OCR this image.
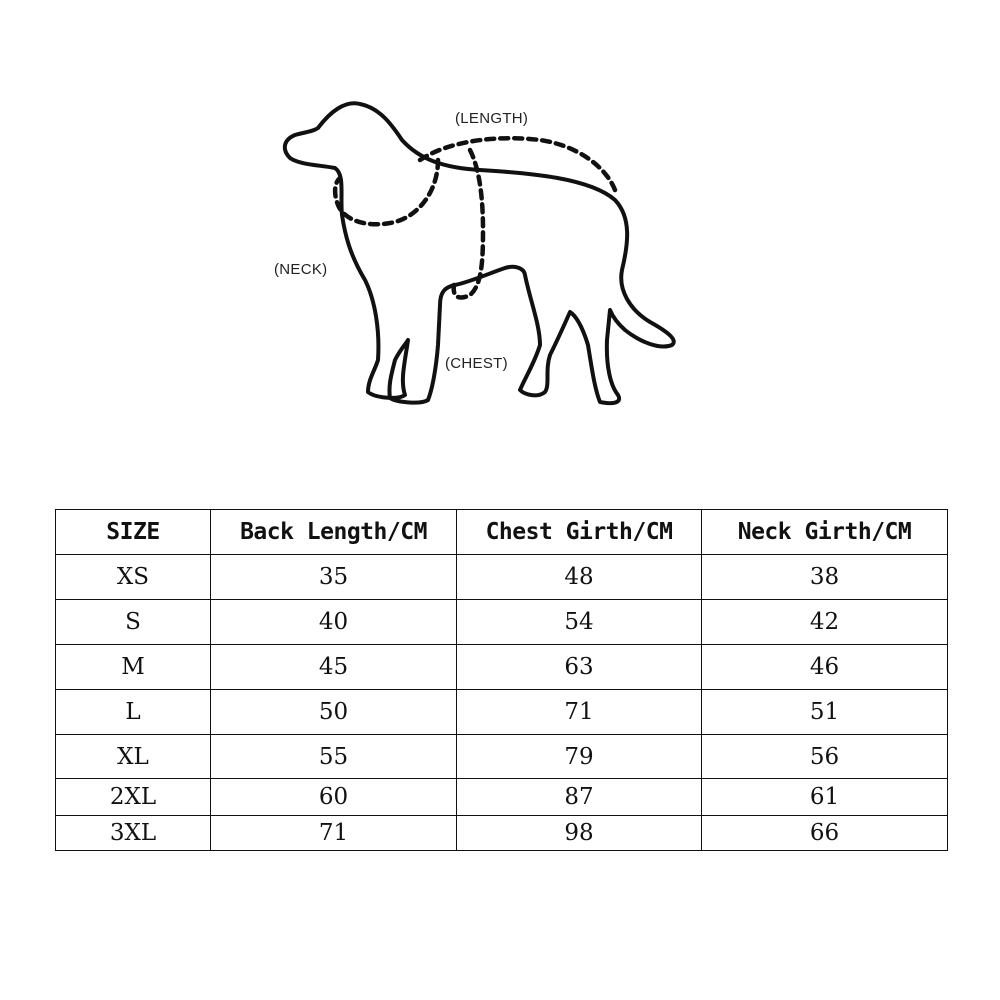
(LENGTH)
(NECK)
(CHEST)
SIZE	Back Length/CM	Chest Girth/CM	Neck Girth/CM
XS	35	48	38
S	40	54	42
M	45	63	46
L	50	71	51
XL	55	79	56
2XL	60	87	61
3XL	71	98	66
